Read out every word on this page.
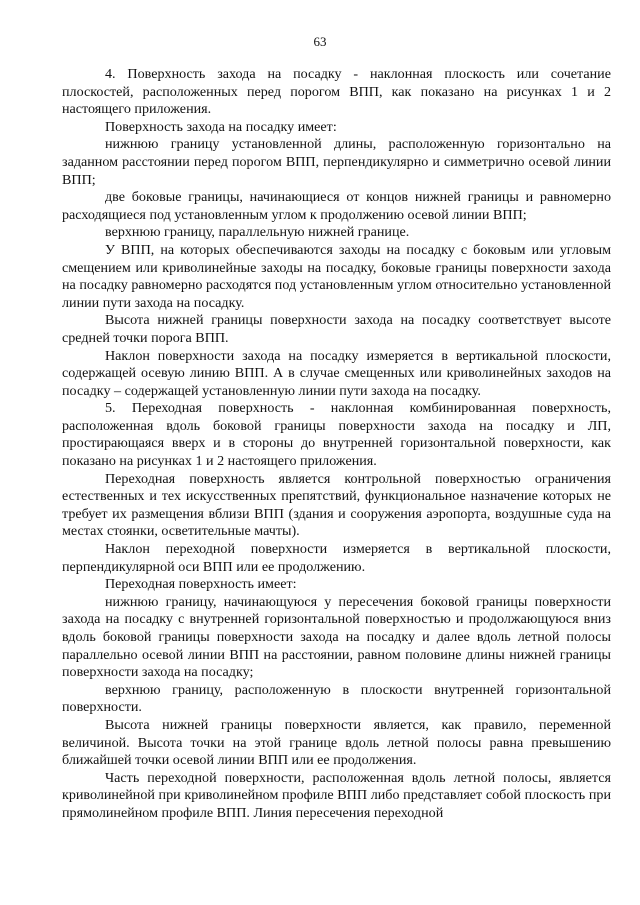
63

4. Поверхность захода на посадку - наклонная плоскость или сочетание плоскостей, расположенных перед порогом ВПП, как показано на рисунках 1 и 2 настоящего приложения.

Поверхность захода на посадку имеет:

нижнюю границу установленной длины, расположенную горизонтально на заданном расстоянии перед порогом ВПП, перпендикулярно и симметрично осевой линии ВПП;

две боковые границы, начинающиеся от концов нижней границы и равномерно расходящиеся под установленным углом к продолжению осевой линии ВПП;

верхнюю границу, параллельную нижней границе.

У ВПП, на которых обеспечиваются заходы на посадку с боковым или угловым смещением или криволинейные заходы на посадку, боковые границы поверхности захода на посадку равномерно расходятся под установленным углом относительно установленной линии пути захода на посадку.

Высота нижней границы поверхности захода на посадку соответствует высоте средней точки порога ВПП.

Наклон поверхности захода на посадку измеряется в вертикальной плоскости, содержащей осевую линию ВПП. А в случае смещенных или криволинейных заходов на посадку – содержащей установленную линии пути захода на посадку.

5. Переходная поверхность - наклонная комбинированная поверхность, расположенная вдоль боковой границы поверхности захода на посадку и ЛП, простирающаяся вверх и в стороны до внутренней горизонтальной поверхности, как показано на рисунках 1 и 2 настоящего приложения.

Переходная поверхность является контрольной поверхностью ограничения естественных и тех искусственных препятствий, функциональное назначение которых не требует их размещения вблизи ВПП (здания и сооружения аэропорта, воздушные суда на местах стоянки, осветительные мачты).

Наклон переходной поверхности измеряется в вертикальной плоскости, перпендикулярной оси ВПП или ее продолжению.

Переходная поверхность имеет:

нижнюю границу, начинающуюся у пересечения боковой границы поверхности захода на посадку с внутренней горизонтальной поверхностью и продолжающуюся вниз вдоль боковой границы поверхности захода на посадку и далее вдоль летной полосы параллельно осевой линии ВПП на расстоянии, равном половине длины нижней границы поверхности захода на посадку;

верхнюю границу, расположенную в плоскости внутренней горизонтальной поверхности.

Высота нижней границы поверхности является, как правило, переменной величиной. Высота точки на этой границе вдоль летной полосы равна превышению ближайшей точки осевой линии ВПП или ее продолжения.

Часть переходной поверхности, расположенная вдоль летной полосы, является криволинейной при криволинейном профиле ВПП либо представляет собой плоскость при прямолинейном профиле ВПП. Линия пересечения переходной
